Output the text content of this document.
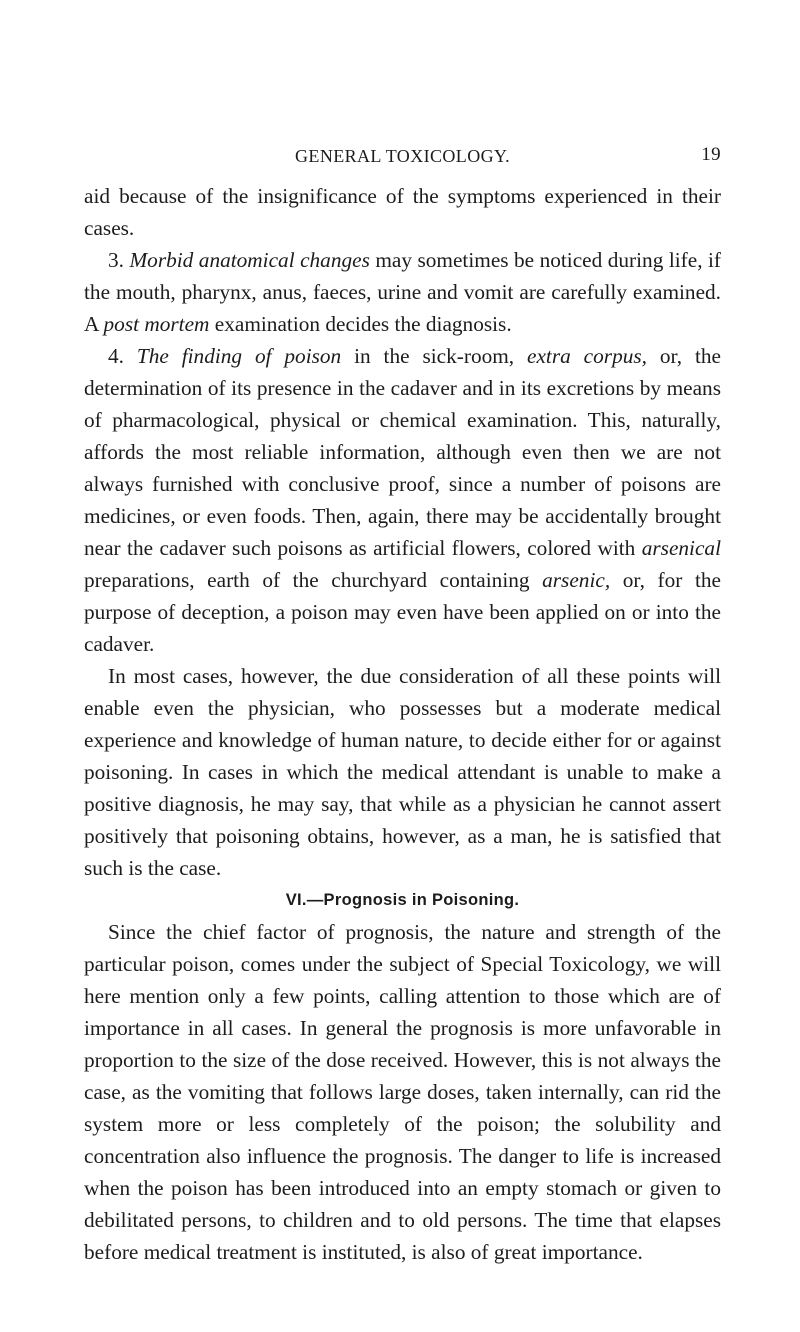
GENERAL TOXICOLOGY.	19

aid because of the insignificance of the symptoms experienced in their cases.

3. Morbid anatomical changes may sometimes be noticed during life, if the mouth, pharynx, anus, faeces, urine and vomit are carefully examined. A post mortem examination decides the diagnosis.

4. The finding of poison in the sick-room, extra corpus, or, the determination of its presence in the cadaver and in its excretions by means of pharmacological, physical or chemical examination. This, naturally, affords the most reliable information, although even then we are not always furnished with conclusive proof, since a number of poisons are medicines, or even foods. Then, again, there may be accidentally brought near the cadaver such poisons as artificial flowers, colored with arsenical preparations, earth of the churchyard containing arsenic, or, for the purpose of deception, a poison may even have been applied on or into the cadaver.

In most cases, however, the due consideration of all these points will enable even the physician, who possesses but a moderate medical experience and knowledge of human nature, to decide either for or against poisoning. In cases in which the medical attendant is unable to make a positive diagnosis, he may say, that while as a physician he cannot assert positively that poisoning obtains, however, as a man, he is satisfied that such is the case.

VI.—Prognosis in Poisoning.

Since the chief factor of prognosis, the nature and strength of the particular poison, comes under the subject of Special Toxicology, we will here mention only a few points, calling attention to those which are of importance in all cases. In general the prognosis is more unfavorable in proportion to the size of the dose received. However, this is not always the case, as the vomiting that follows large doses, taken internally, can rid the system more or less completely of the poison; the solubility and concentration also influence the prognosis. The danger to life is increased when the poison has been introduced into an empty stomach or given to debilitated persons, to children and to old persons. The time that elapses before medical treatment is instituted, is also of great importance.
